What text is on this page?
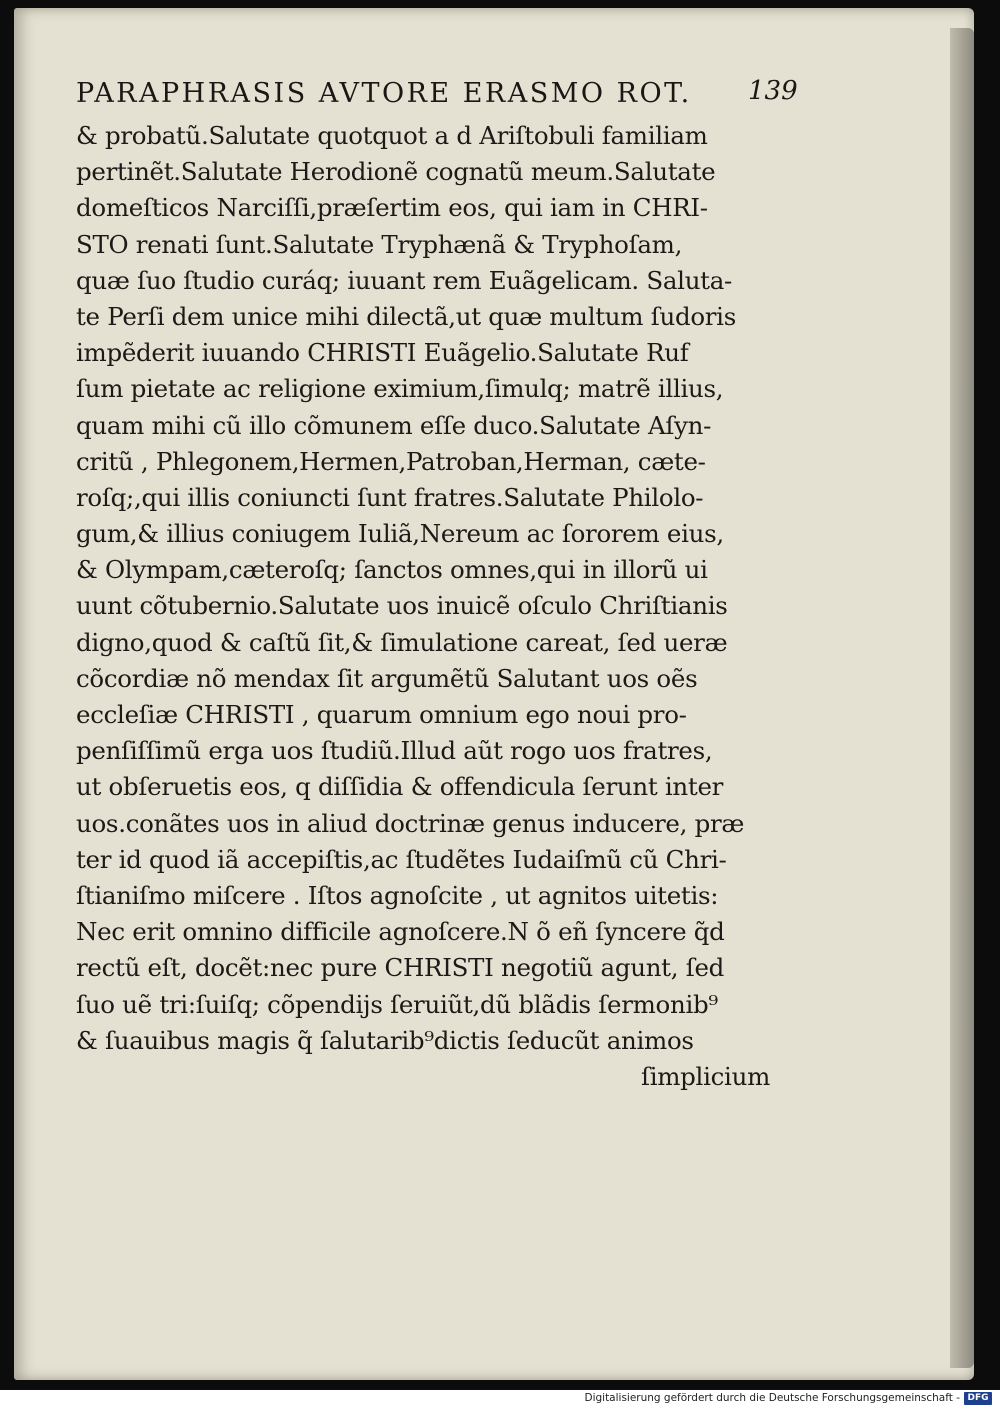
PARAPHRASIS AVTORE ERASMO ROT.	139
& probatũ.Salutate quotquot a d Ariſtobuli familiam
pertinẽt.Salutate Herodionẽ cognatũ meum.Salutate
domeſticos Narciſſi,præſertim eos, qui iam in CHRI-
STO renati ſunt.Salutate Tryphænã & Tryphoſam,
quæ ſuo ſtudio curáq; iuuant rem Euãgelicam. Saluta-
te Perſi dem unice mihi dilectã,ut quæ multum ſudoris
impẽderit iuuando CHRISTI Euãgelio.Salutate Ruf
ſum pietate ac religione eximium,ſimulq; matrẽ illius,
quam mihi cũ illo cõmunem eſſe duco.Salutate Aſyn-
critũ , Phlegonem,Hermen,Patroban,Herman, cæte-
roſq;,qui illis coniuncti ſunt fratres.Salutate Philolo-
gum,& illius coniugem Iuliã,Nereum ac ſororem eius,
& Olympam,cæteroſq; ſanctos omnes,qui in illorũ ui
uunt cõtubernio.Salutate uos inuicẽ oſculo Chriſtianis
digno,quod & caſtũ ſit,& ſimulatione careat, ſed ueræ
cõcordiæ nõ mendax ſit argumẽtũ Salutant uos oẽs
eccleſiæ CHRISTI , quarum omnium ego noui pro-
penſiſſimũ erga uos ſtudiũ.Illud aũt rogo uos fratres,
ut obſeruetis eos, q diſſidia & offendicula ſerunt inter
uos.conãtes uos in aliud doctrinæ genus inducere, præ
ter id quod iã accepiſtis,ac ſtudẽtes Iudaiſmũ cũ Chri-
ſtianiſmo miſcere . Iſtos agnoſcite , ut agnitos uitetis:
Nec erit omnino difficile agnoſcere.N õ eñ ſyncere q̃d
rectũ eſt, docẽt:nec pure CHRISTI negotiũ agunt, ſed
ſuo uẽ tri:ſuiſq; cõpendijs ſeruiũt,dũ blãdis ſermonib⁹
& ſuauibus magis q̃ ſalutarib⁹dictis ſeducũt animos
ſimplicium
Digitalisierung gefördert durch die Deutsche Forschungsgemeinschaft - DFG
